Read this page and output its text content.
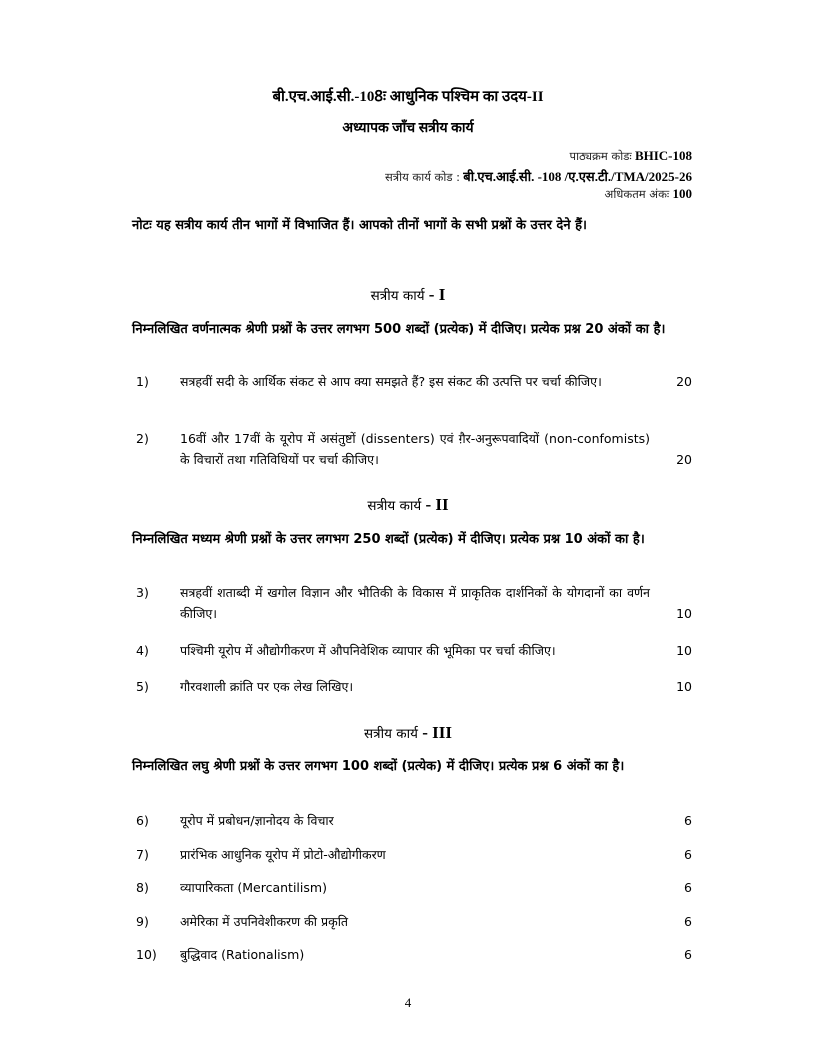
बी.एच.आई.सी.-108ः आधुनिक पश्चिम का उदय-II
अध्यापक जाँच सत्रीय कार्य
पाठ्यक्रम कोडः BHIC-108
सत्रीय कार्य कोड : बी.एच.आई.सी. -108 /ए.एस.टी./TMA/2025-26
अधिकतम अंकः 100
नोटः यह सत्रीय कार्य तीन भागों में विभाजित हैं। आपको तीनों भागों के सभी प्रश्नों के उत्तर देने हैं।
सत्रीय कार्य - I
निम्नलिखित वर्णनात्मक श्रेणी प्रश्नों के उत्तर लगभग 500 शब्दों (प्रत्येक) में दीजिए। प्रत्येक प्रश्न 20 अंकों का है।
1) सत्रहवीं सदी के आर्थिक संकट से आप क्या समझते हैं? इस संकट की उत्पत्ति पर चर्चा कीजिए।	20
2) 16वीं और 17वीं के यूरोप में असंतुष्टों (dissenters) एवं ग़ैर-अनुरूपवादियों (non-confomists) के विचारों तथा गतिविधियों पर चर्चा कीजिए।	20
सत्रीय कार्य - II
निम्नलिखित मध्यम श्रेणी प्रश्नों के उत्तर लगभग 250 शब्दों (प्रत्येक) में दीजिए। प्रत्येक प्रश्न 10 अंकों का है।
3) सत्रहवीं शताब्दी में खगोल विज्ञान और भौतिकी के विकास में प्राकृतिक दार्शनिकों के योगदानों का वर्णन कीजिए।	10
4) पश्चिमी यूरोप में औद्योगीकरण में औपनिवेशिक व्यापार की भूमिका पर चर्चा कीजिए।	10
5) गौरवशाली क्रांति पर एक लेख लिखिए।	10
सत्रीय कार्य - III
निम्नलिखित लघु श्रेणी प्रश्नों के उत्तर लगभग 100 शब्दों (प्रत्येक) में दीजिए। प्रत्येक प्रश्न 6 अंकों का है।
6) यूरोप में प्रबोधन/ज्ञानोदय के विचार	6
7) प्रारंभिक आधुनिक यूरोप में प्रोटो-औद्योगीकरण	6
8) व्यापारिकता (Mercantilism)	6
9) अमेरिका में उपनिवेशीकरण की प्रकृति	6
10) बुद्धिवाद (Rationalism)	6
4
